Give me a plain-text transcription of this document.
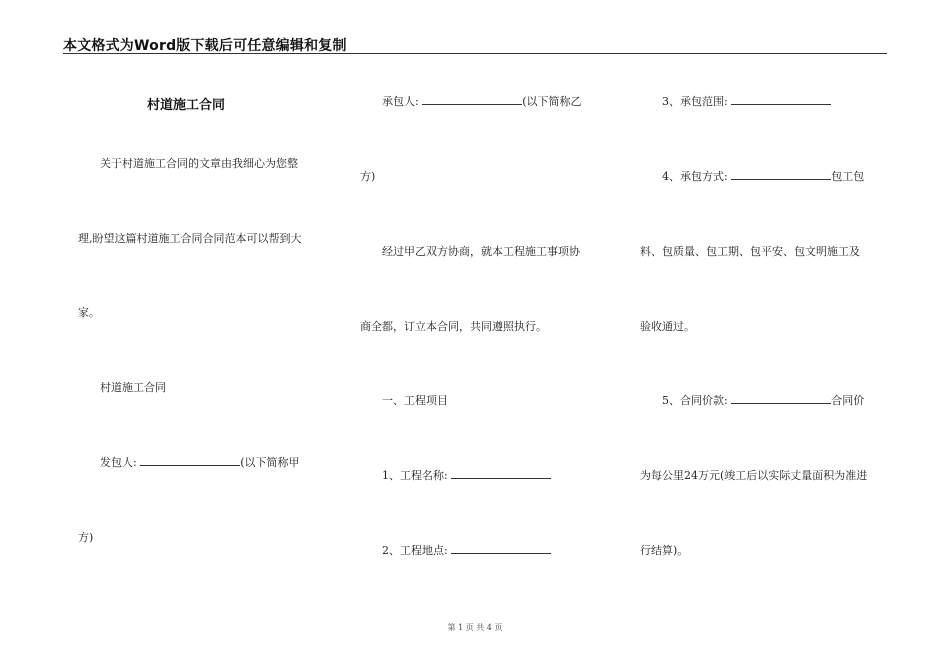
本文格式为Word版下载后可任意编辑和复制
村道施工合同
关于村道施工合同的文章由我细心为您整
理,盼望这篇村道施工合同合同范本可以帮到大
家。
村道施工合同
发包人:	(以下简称甲
方)
承包人:	(以下简称乙
方)
经过甲乙双方协商，就本工程施工事项协
商全都，订立本合同，共同遵照执行。
一、工程项目
1、工程名称:
2、工程地点:
3、承包范围:
4、承包方式:	包工包
料、包质量、包工期、包平安、包文明施工及
验收通过。
5、合同价款:	合同价
为每公里24万元(竣工后以实际丈量面积为准进
行结算)。
第 1 页 共 4 页
